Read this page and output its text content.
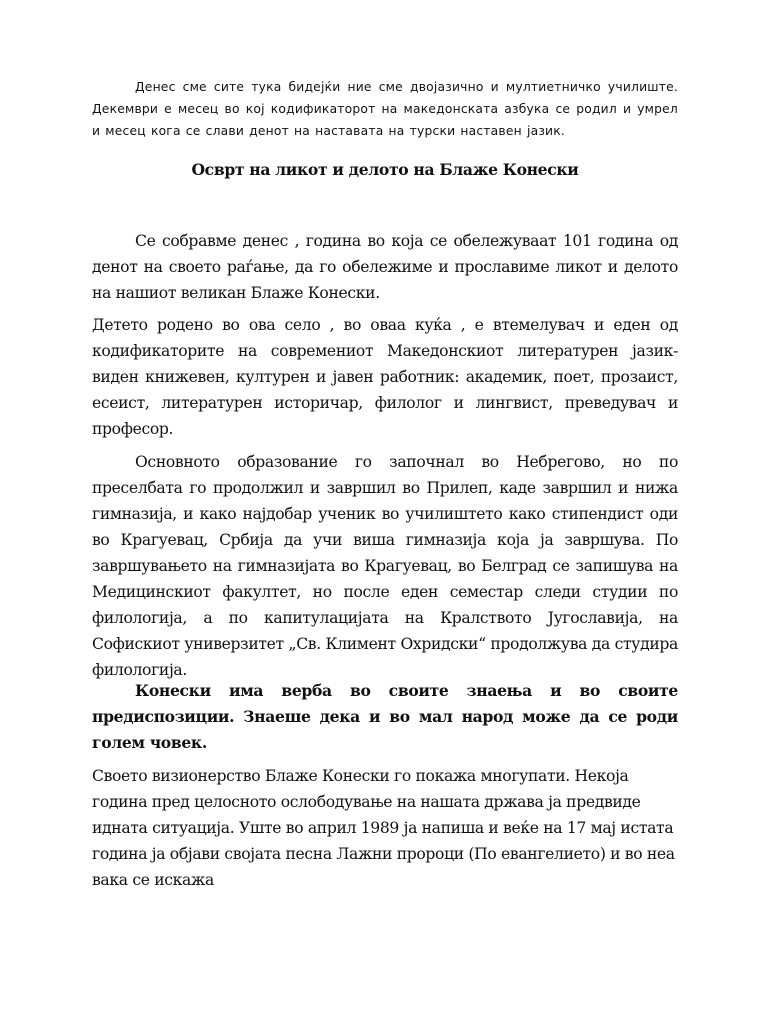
Денес сме сите тука бидејќи ние сме двојазично и мултиетничко училиште. Декември е месец во кој кодификаторот на македонската азбука се родил и умрел и месец кога се слави денот на наставата на турски наставен јазик.

Осврт на ликот и делото на Блаже Конески

Се собравме денес , година во која се обележуваат 101 година од денот на своето раѓање, да го обележиме и прославиме ликот и делото на нашиот великан Блаже Конески.

Детето родено во ова село , во оваа куќа , е втемелувач и еден од кодификаторите на современиот Македонскиот литературен јазик- виден книжевен, културен и јавен работник: академик, поет, прозаист, есеист, литературен историчар, филолог и лингвист, преведувач и професор.

Основното образование го започнал во Небрегово, но по преселбата го продолжил и завршил во Прилеп, каде завршил и нижа гимназија, и како најдобар ученик во училиштето како стипендист оди во Крагуевац, Србија да учи виша гимназија која ја завршува. По завршувањето на гимназијата во Крагуевац, во Белград се запишува на Медицинскиот факултет, но после еден семестар следи студии по филологија, а по капитулацијата на Кралството Југославија, на Софискиот универзитет „Св. Климент Охридски“ продолжува да студира филологија.

Конески има верба во своите знаења и во своите предиспозиции. Знаеше дека и во мал народ може да се роди голем човек.

Своето визионерство Блаже Конески го покажа многупати. Некоја година пред целосното ослободување на нашата држава ја предвиде идната ситуација. Уште во април 1989 ја напиша и веќе на 17 мај истата година ја објави својата песна Лажни пророци (По евангелието) и во неа вака се искажа
